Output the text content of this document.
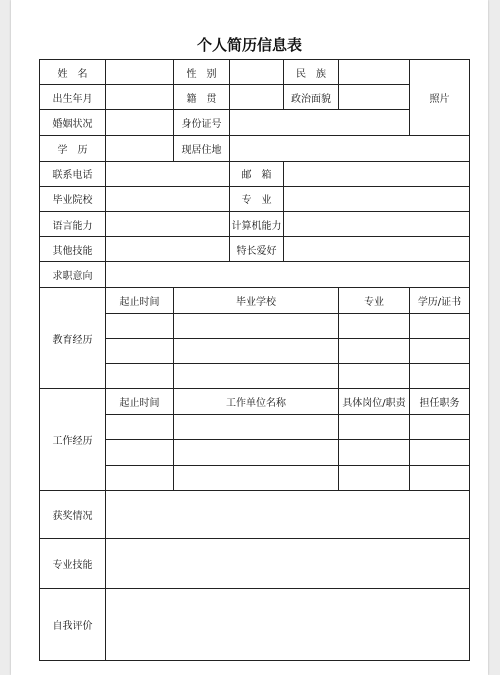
个人简历信息表
姓　名		性　别		民　族		照片
出生年月		籍　贯		政治面貌		
婚姻状况		身份证号				
学　历		现居住地				
联系电话			邮　箱			
毕业院校			专　业			
语言能力			计算机能力			
其他技能			特长爱好			
求职意向						
教育经历	起止时间	毕业学校			专业	学历/证书

工作经历	起止时间	工作单位名称			具体岗位/职责	担任职务

获奖情况						
专业技能						
自我评价						
